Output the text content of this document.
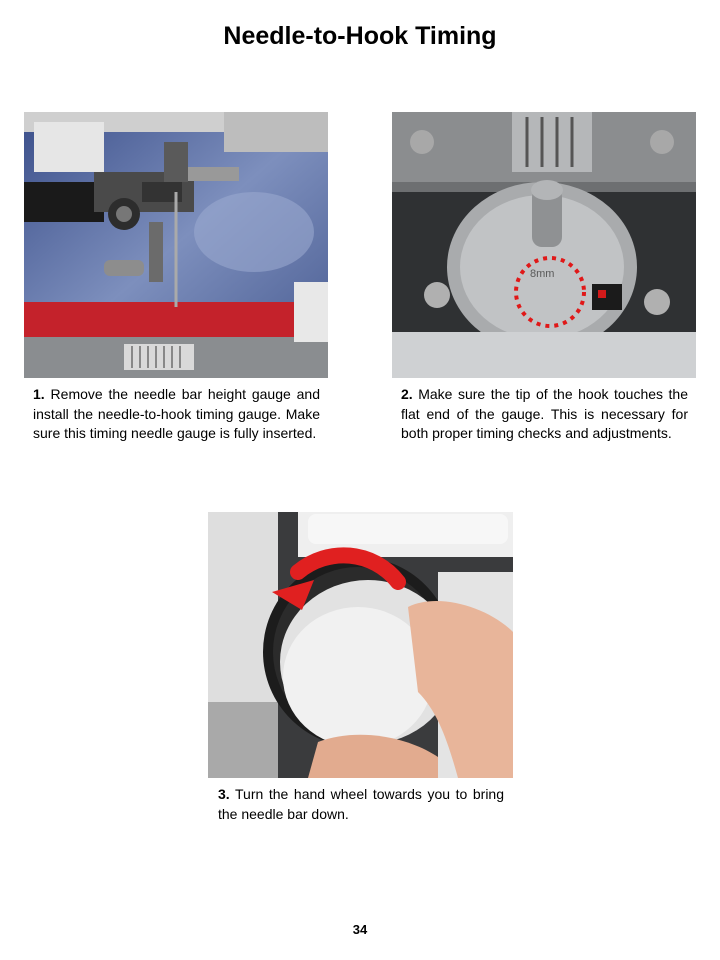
Needle-to-Hook Timing
8mm
1. Remove the needle bar height gauge and install the needle-to-hook timing gauge. Make sure this timing needle gauge is fully inserted.
2. Make sure the tip of the hook touches the flat end of the gauge. This is necessary for both proper timing checks and adjustments.
3. Turn the hand wheel towards you to bring the needle bar down.
34
